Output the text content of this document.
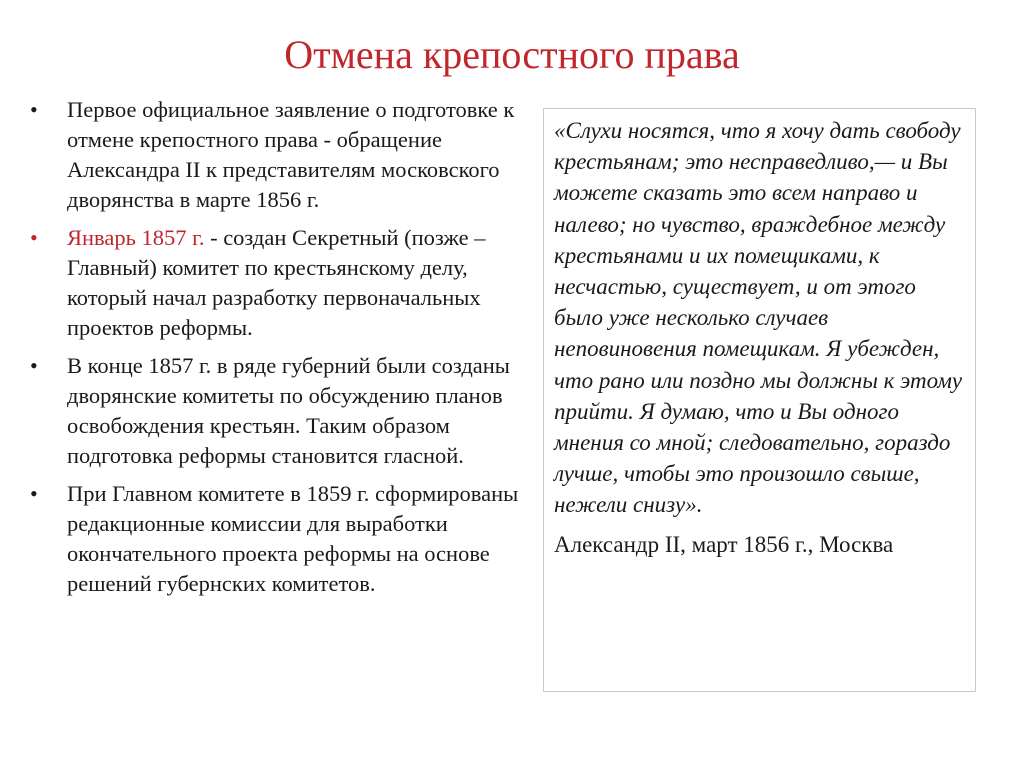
Отмена крепостного права
•	Первое официальное заявление о подготовке к отмене крепостного права - обращение Александра II к представителям московского дворянства в марте 1856 г.
•	Январь 1857 г. - создан Секретный (позже – Главный) комитет по крестьянскому делу, который начал разработку первоначальных проектов реформы.
•	В конце 1857 г. в ряде губерний были созданы дворянские комитеты по обсуждению планов освобождения крестьян. Таким образом подготовка реформы становится гласной.
•	При Главном комитете в 1859 г. сформированы редакционные комиссии для выработки окончательного проекта реформы на основе решений губернских комитетов.

«Слухи носятся, что я хочу дать свободу крестьянам; это несправедливо,— и Вы можете сказать это всем направо и налево; но чувство, враждебное между крестьянами и их помещиками, к несчастью, существует, и от этого было уже несколько случаев неповиновения помещикам. Я убежден, что рано или поздно мы должны к этому прийти. Я думаю, что и Вы одного мнения со мной; следовательно, гораздо лучше, чтобы это произошло свыше, нежели снизу».

Александр II, март 1856 г., Москва
